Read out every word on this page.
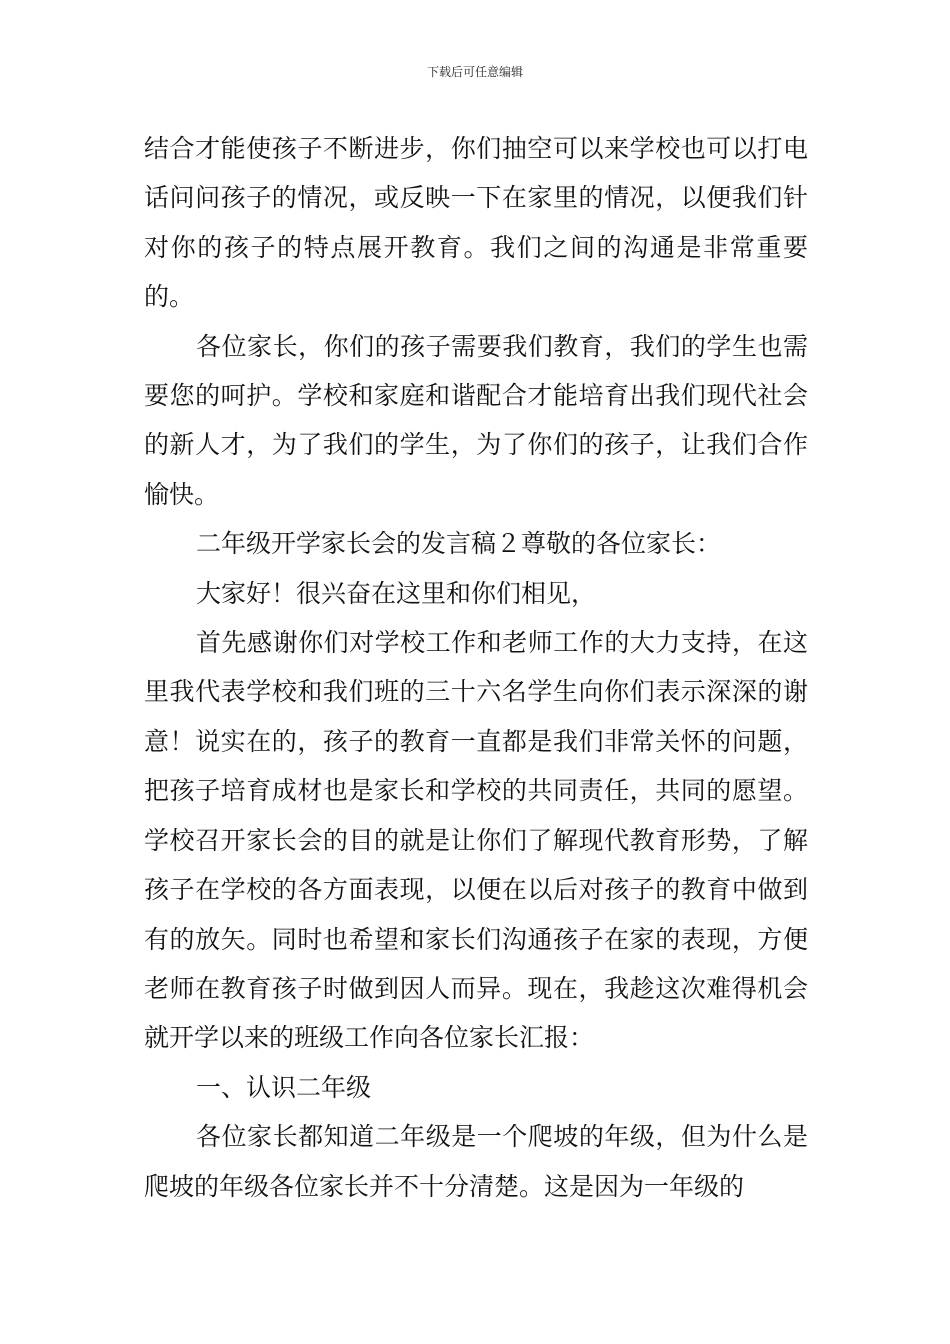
下载后可任意编辑

结合才能使孩子不断进步，你们抽空可以来学校也可以打电话问问孩子的情况，或反映一下在家里的情况，以便我们针对你的孩子的特点展开教育。我们之间的沟通是非常重要的。

各位家长，你们的孩子需要我们教育，我们的学生也需要您的呵护。学校和家庭和谐配合才能培育出我们现代社会的新人才，为了我们的学生，为了你们的孩子，让我们合作愉快。

二年级开学家长会的发言稿２尊敬的各位家长：

大家好！很兴奋在这里和你们相见，

首先感谢你们对学校工作和老师工作的大力支持，在这里我代表学校和我们班的三十六名学生向你们表示深深的谢意！说实在的，孩子的教育一直都是我们非常关怀的问题，把孩子培育成材也是家长和学校的共同责任，共同的愿望。学校召开家长会的目的就是让你们了解现代教育形势，了解孩子在学校的各方面表现，以便在以后对孩子的教育中做到有的放矢。同时也希望和家长们沟通孩子在家的表现，方便老师在教育孩子时做到因人而异。现在，我趁这次难得机会就开学以来的班级工作向各位家长汇报：

一、认识二年级

各位家长都知道二年级是一个爬坡的年级，但为什么是爬坡的年级各位家长并不十分清楚。这是因为一年级的
